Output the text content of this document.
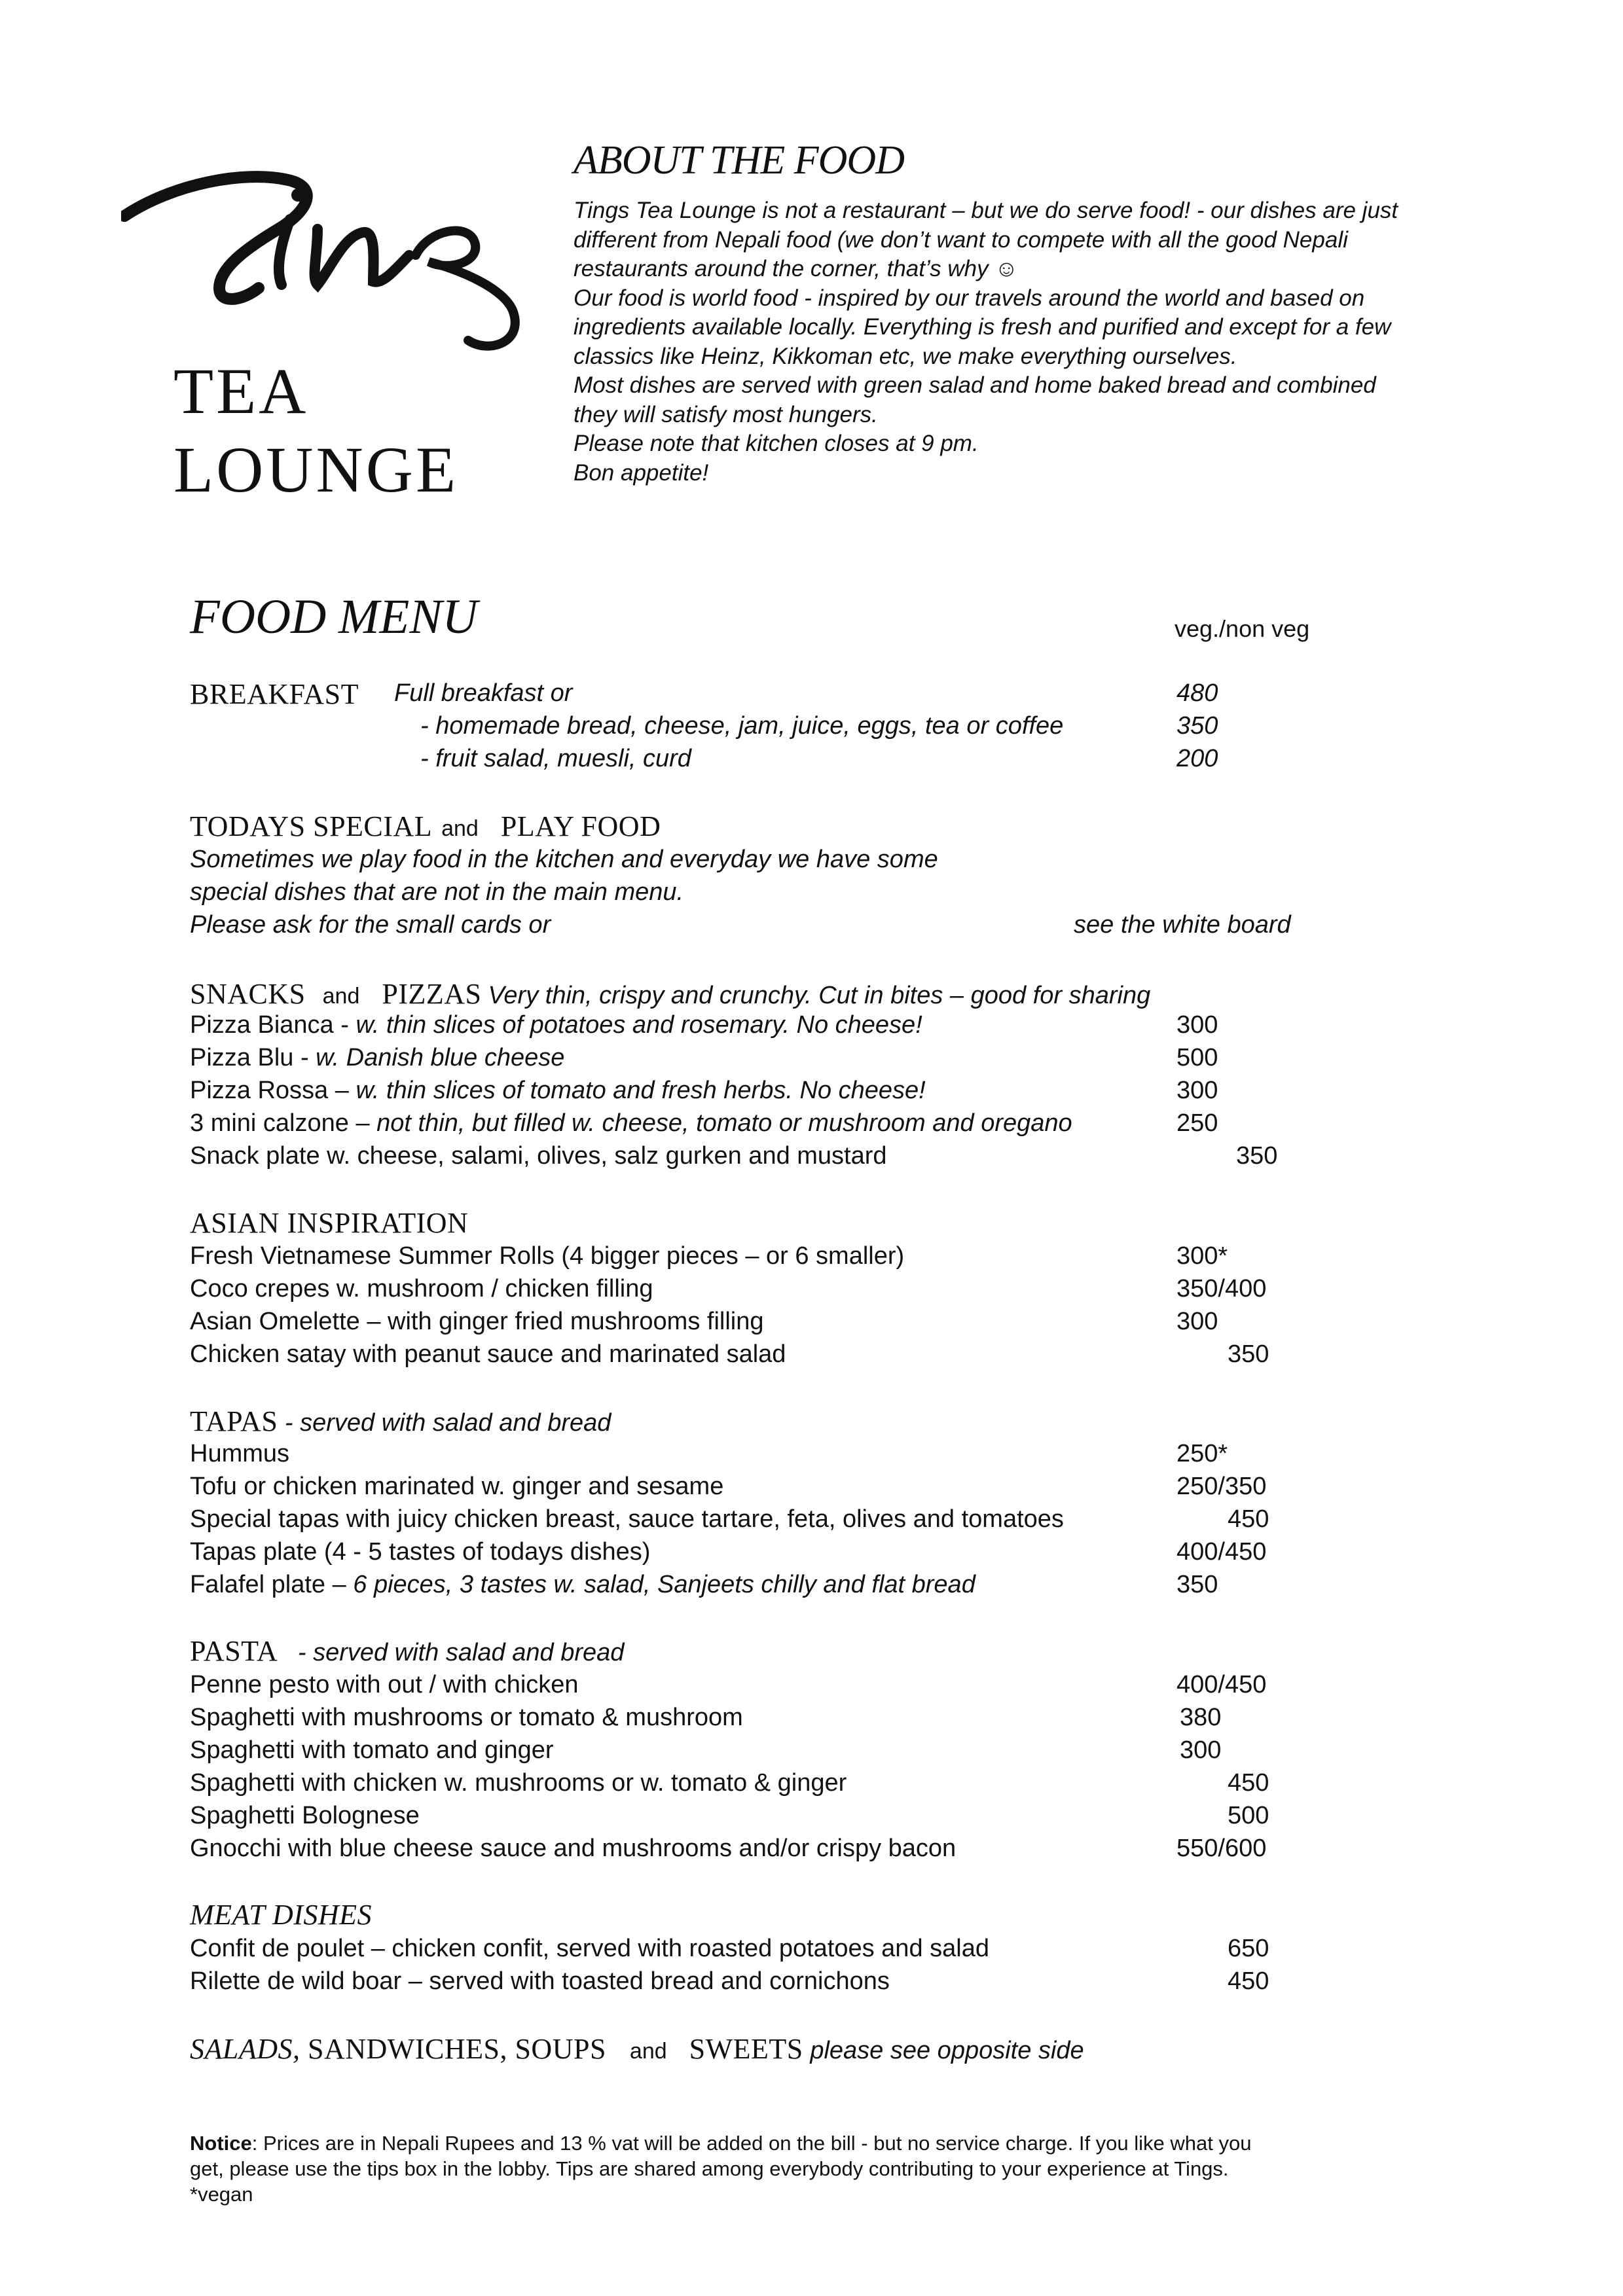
TEA
LOUNGE
ABOUT THE FOOD
Tings Tea Lounge is not a restaurant – but we do serve food! - our dishes are just
different from Nepali food (we don’t want to compete with all the good Nepali
restaurants around the corner, that’s why ☺
Our food is world food - inspired by our travels around the world and based on
ingredients available locally. Everything is fresh and purified and except for a few
classics like Heinz, Kikkoman etc, we make everything ourselves.
Most dishes are served with green salad and home baked bread and combined
they will satisfy most hungers.
Please note that kitchen closes at 9 pm.
Bon appetite!
FOOD MENU	veg./non veg
BREAKFAST Full breakfast or	480
- homemade bread, cheese, jam, juice, eggs, tea or coffee	350
- fruit salad, muesli, curd	200
TODAYS SPECIAL and PLAY FOOD
Sometimes we play food in the kitchen and everyday we have some
special dishes that are not in the main menu.
Please ask for the small cards or	see the white board
SNACKS and PIZZAS Very thin, crispy and crunchy. Cut in bites – good for sharing
Pizza Bianca - w. thin slices of potatoes and rosemary. No cheese!	300
Pizza Blu - w. Danish blue cheese	500
Pizza Rossa – w. thin slices of tomato and fresh herbs. No cheese!	300
3 mini calzone – not thin, but filled w. cheese, tomato or mushroom and oregano	250
Snack plate w. cheese, salami, olives, salz gurken and mustard	350
ASIAN INSPIRATION
Fresh Vietnamese Summer Rolls (4 bigger pieces – or 6 smaller)	300*
Coco crepes w. mushroom / chicken filling	350/400
Asian Omelette – with ginger fried mushrooms filling	300
Chicken satay with peanut sauce and marinated salad	350
TAPAS - served with salad and bread
Hummus	250*
Tofu or chicken marinated w. ginger and sesame	250/350
Special tapas with juicy chicken breast, sauce tartare, feta, olives and tomatoes	450
Tapas plate (4 - 5 tastes of todays dishes)	400/450
Falafel plate – 6 pieces, 3 tastes w. salad, Sanjeets chilly and flat bread	350
PASTA - served with salad and bread
Penne pesto with out / with chicken	400/450
Spaghetti with mushrooms or tomato & mushroom	380
Spaghetti with tomato and ginger	300
Spaghetti with chicken w. mushrooms or w. tomato & ginger	450
Spaghetti Bolognese	500
Gnocchi with blue cheese sauce and mushrooms and/or crispy bacon	550/600
MEAT DISHES
Confit de poulet – chicken confit, served with roasted potatoes and salad	650
Rilette de wild boar – served with toasted bread and cornichons	450
SALADS, SANDWICHES, SOUPS and SWEETS please see opposite side
Notice: Prices are in Nepali Rupees and 13 % vat will be added on the bill - but no service charge. If you like what you
get, please use the tips box in the lobby. Tips are shared among everybody contributing to your experience at Tings.
*vegan
